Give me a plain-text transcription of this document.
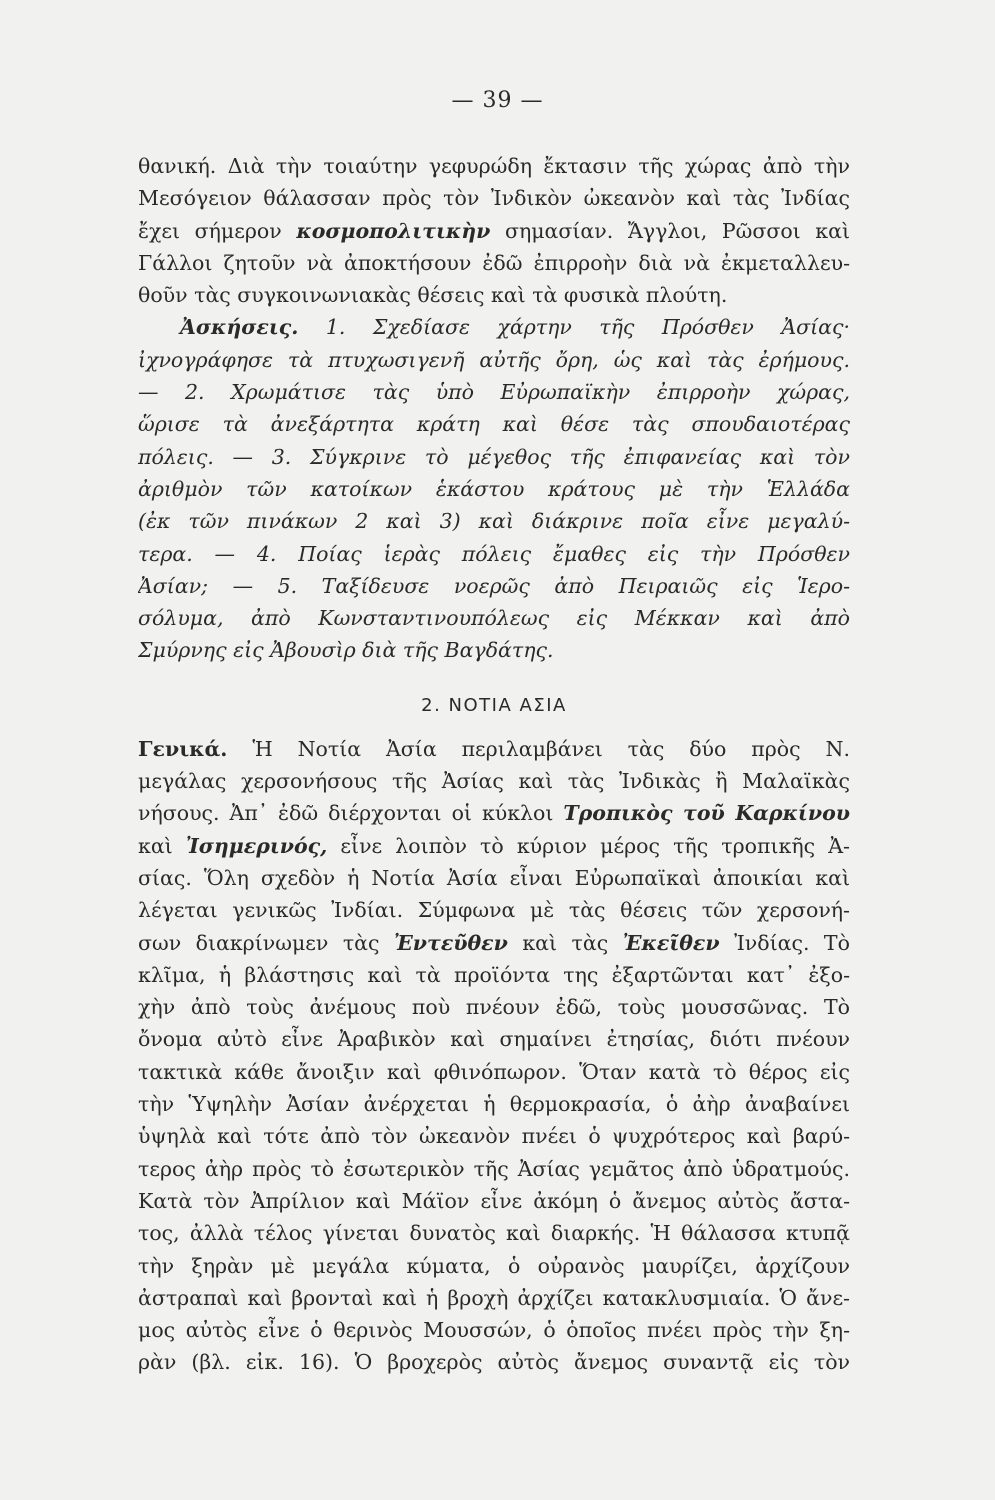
— 39 —
θανική. Διὰ τὴν τοιαύτην γεφυρώδη ἔκτασιν τῆς χώρας ἀπὸ τὴν
Μεσόγειον θάλασσαν πρὸς τὸν Ἰνδικὸν ὠκεανὸν καὶ τὰς Ἰνδίας
ἔχει σήμερον κοσμοπολιτικὴν σημασίαν. Ἄγγλοι, Ρῶσσοι καὶ
Γάλλοι ζητοῦν νὰ ἀποκτήσουν ἐδῶ ἐπιρροὴν διὰ νὰ ἐκμεταλλευ-
θοῦν τὰς συγκοινωνιακὰς θέσεις καὶ τὰ φυσικὰ πλούτη.
Ἀσκήσεις. 1. Σχεδίασε χάρτην τῆς Πρόσθεν Ἀσίας·
ἰχνογράφησε τὰ πτυχωσιγενῆ αὐτῆς ὄρη, ὡς καὶ τὰς ἐρήμους.
— 2. Χρωμάτισε τὰς ὑπὸ Εὐρωπαϊκὴν ἐπιρροὴν χώρας,
ὥρισε τὰ ἀνεξάρτητα κράτη καὶ θέσε τὰς σπουδαιοτέρας
πόλεις. — 3. Σύγκρινε τὸ μέγεθος τῆς ἐπιφανείας καὶ τὸν
ἀριθμὸν τῶν κατοίκων ἑκάστου κράτους μὲ τὴν Ἑλλάδα
(ἐκ τῶν πινάκων 2 καὶ 3) καὶ διάκρινε ποῖα εἶνε μεγαλύ-
τερα. — 4. Ποίας ἱερὰς πόλεις ἔμαθες εἰς τὴν Πρόσθεν
Ἀσίαν; — 5. Ταξίδευσε νοερῶς ἀπὸ Πειραιῶς εἰς Ἱερο-
σόλυμα, ἀπὸ Κωνσταντινουπόλεως εἰς Μέκκαν καὶ ἀπὸ
Σμύρνης εἰς Ἀβουσὶρ διὰ τῆς Βαγδάτης.
2. ΝΟΤΙΑ ΑΣΙΑ
Γενικά. Ἡ Νοτία Ἀσία περιλαμβάνει τὰς δύο πρὸς Ν.
μεγάλας χερσονήσους τῆς Ἀσίας καὶ τὰς Ἰνδικὰς ἢ Μαλαϊκὰς
νήσους. Ἀπ᾽ ἐδῶ διέρχονται οἱ κύκλοι Τροπικὸς τοῦ Καρκίνου
καὶ Ἰσημερινός, εἶνε λοιπὸν τὸ κύριον μέρος τῆς τροπικῆς Ἀ-
σίας. Ὅλη σχεδὸν ἡ Νοτία Ἀσία εἶναι Εὐρωπαϊκαὶ ἀποικίαι καὶ
λέγεται γενικῶς Ἰνδίαι. Σύμφωνα μὲ τὰς θέσεις τῶν χερσονή-
σων διακρίνωμεν τὰς Ἐντεῦθεν καὶ τὰς Ἐκεῖθεν Ἰνδίας. Τὸ
κλῖμα, ἡ βλάστησις καὶ τὰ προϊόντα της ἐξαρτῶνται κατ᾽ ἐξο-
χὴν ἀπὸ τοὺς ἀνέμους ποὺ πνέουν ἐδῶ, τοὺς μουσσῶνας. Τὸ
ὄνομα αὐτὸ εἶνε Ἀραβικὸν καὶ σημαίνει ἐτησίας, διότι πνέουν
τακτικὰ κάθε ἄνοιξιν καὶ φθινόπωρον. Ὅταν κατὰ τὸ θέρος εἰς
τὴν Ὑψηλὴν Ἀσίαν ἀνέρχεται ἡ θερμοκρασία, ὁ ἀὴρ ἀναβαίνει
ὑψηλὰ καὶ τότε ἀπὸ τὸν ὠκεανὸν πνέει ὁ ψυχρότερος καὶ βαρύ-
τερος ἀὴρ πρὸς τὸ ἐσωτερικὸν τῆς Ἀσίας γεμᾶτος ἀπὸ ὑδρατμούς.
Κατὰ τὸν Ἀπρίλιον καὶ Μάϊον εἶνε ἀκόμη ὁ ἄνεμος αὐτὸς ἄστα-
τος, ἀλλὰ τέλος γίνεται δυνατὸς καὶ διαρκής. Ἡ θάλασσα κτυπᾷ
τὴν ξηρὰν μὲ μεγάλα κύματα, ὁ οὐρανὸς μαυρίζει, ἀρχίζουν
ἀστραπαὶ καὶ βρονταὶ καὶ ἡ βροχὴ ἀρχίζει κατακλυσμιαία. Ὁ ἄνε-
μος αὐτὸς εἶνε ὁ θερινὸς Μουσσών, ὁ ὁποῖος πνέει πρὸς τὴν ξη-
ρὰν (βλ. εἰκ. 16). Ὁ βροχερὸς αὐτὸς ἄνεμος συναντᾷ εἰς τὸν
